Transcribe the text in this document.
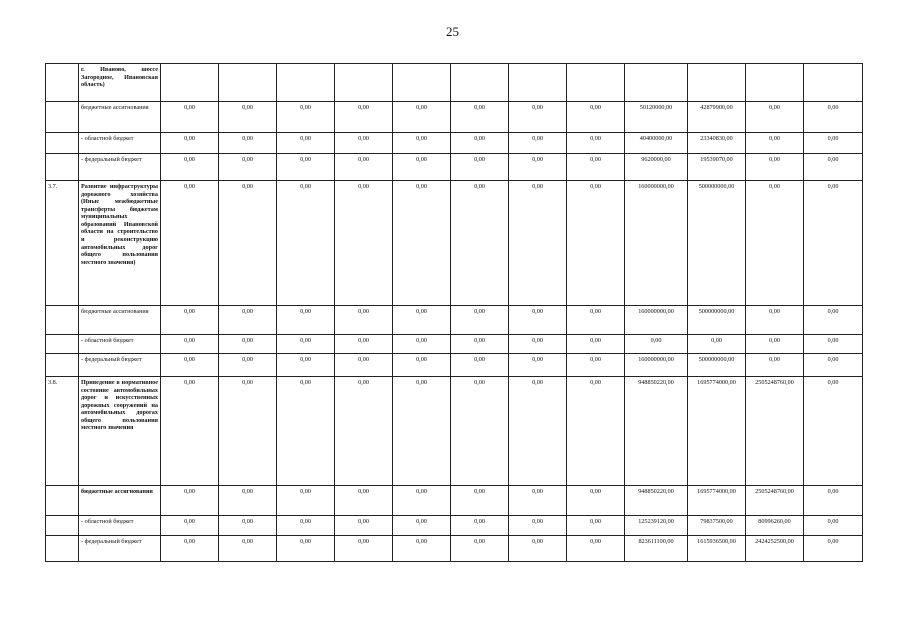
25
	г. Иваново, шоссе Загородное, Ивановская область)												
	бюджетные ассигнования	0,00	0,00	0,00	0,00	0,00	0,00	0,00	0,00	50120000,00	42879900,00	0,00	0,00
	- областной бюджет	0,00	0,00	0,00	0,00	0,00	0,00	0,00	0,00	40400000,00	23340830,00	0,00	0,00
	- федеральный бюджет	0,00	0,00	0,00	0,00	0,00	0,00	0,00	0,00	9620000,00	19539070,00	0,00	0,00
3.7.	Развитие инфраструктуры дорожного хозяйства (Иные межбюджетные трансферты бюджетам муниципальных образований Ивановской области на строительство и реконструкцию автомобильных дорог общего пользования местного значения)	0,00	0,00	0,00	0,00	0,00	0,00	0,00	0,00	160000000,00	500000000,00	0,00	0,00
	бюджетные ассигнования	0,00	0,00	0,00	0,00	0,00	0,00	0,00	0,00	160000000,00	500000000,00	0,00	0,00
	- областной бюджет	0,00	0,00	0,00	0,00	0,00	0,00	0,00	0,00	0,00	0,00	0,00	0,00
	- федеральный бюджет	0,00	0,00	0,00	0,00	0,00	0,00	0,00	0,00	160000000,00	500000000,00	0,00	0,00
3.8.	Приведение в нормативное состояние автомобильных дорог и искусственных дорожных сооружений на автомобильных дорогах общего пользования местного значения	0,00	0,00	0,00	0,00	0,00	0,00	0,00	0,00	948850220,00	1695774000,00	2505248760,00	0,00
	бюджетные ассигнования	0,00	0,00	0,00	0,00	0,00	0,00	0,00	0,00	948850220,00	1695774000,00	2505248760,00	0,00
	- областной бюджет	0,00	0,00	0,00	0,00	0,00	0,00	0,00	0,00	125239120,00	79837500,00	80996260,00	0,00
	- федеральный бюджет	0,00	0,00	0,00	0,00	0,00	0,00	0,00	0,00	823611100,00	1615936500,00	2424252500,00	0,00
